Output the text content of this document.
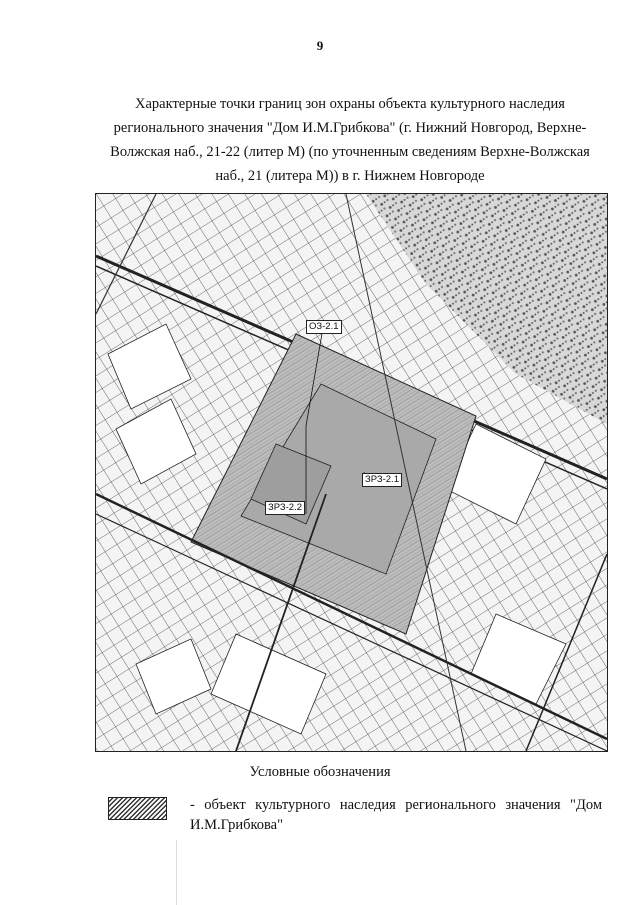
9
Характерные точки границ зон охраны объекта культурного наследия регионального значения "Дом И.М.Грибкова" (г. Нижний Новгород, Верхне-Волжская наб., 21-22 (литер М) (по уточненным сведениям Верхне-Волжская наб., 21 (литера М)) в г. Нижнем Новгороде
ОЗ-2.1
ЗРЗ-2.1
ЗРЗ-2.2
Условные обозначения
- объект культурного наследия регионального значения "Дом И.М.Грибкова"
